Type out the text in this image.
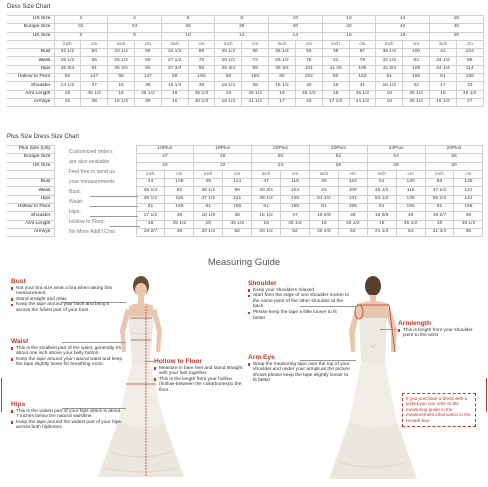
Dess Size Chart
US Size	2		4		6		8		10		12		14		16	
Europe Size	32		34		36		38		40		42		44		46	
UK Size	6		8		10		12		14		16		18		20	
	inch	cm	inch	cm	inch	cm	inch	cm	inch	cm	inch	cm	inch	cm	inch	cm
Bust	32 1/2	83	33 1/2	85	34 1/2	88	35 1/2	90	36 1/2	93	38	97	39 1/2	100	41	104
Waist	25 1/2	65	26 1/2	68	27 1/2	70	28 1/2	72	29 1/2	75	31	79	32 1/2	83	34 1/2	88
Hips	35 3/4	91	35 3/4	92	37 3/4	96	38 3/4	99	39 3/4	101	41 25	105	42 3/4	109	44 1/4	114
Hollow to Floor	58	147	58	147	59	150	59	150	60	152	60	152	61	155	61	155
Shoulder	14 1/2	37	15	38	15 1/4	39	15 1/4	39	15 1/2	40	16	41	16 1/2	42	17	43
Arm Length	18	45 1/2	18	45 1/2	18	45 1/2	18	45 1/2	18	45 1/2	18	45 1/2	18	45 1/2	18	45 1/2
Armsye	15	38	15 1/3	39	16	40 1/2	16 1/3	41 1/2	17	43	17 1/2	44 1/2	18	45 1/2	18 1/2	47
Plus Size Dress Size Chart
Plus Size (US)		16Plus		18Plus		20Plus		22Plus		24Plus		26Plus	
Europe Size		47		48		50		52		54		56	
UK Size		20		22		24		26		28		30	
		inch	cm	inch	cm	inch	cm	inch	cm	inch	cm	inch	cm
Bust		43	109	45	114	47	119	49	124	51	130	53	135
Waist		36 1/4	92	38 1/2	98	40 3/4	104	43	109	45 1/2	115	47 1/2	121
Hips		45 1/2	116	47 1/2	121	49 1/2	126	51 1/2	131	53 1/2	136	55 1/2	141
Hollow to Floor		61	155	61	155	61	155	61	155	61	155	61	155
Shoulder		17 1/2	45	18 1/9	46	18 1/2	47	18 8/9	48	18 8/9	48	19 2/7	49
Arm Length		18	45 1/2	18	45 1/2	18	45 1/2	18	45 1/2	18	45 1/2	18	45 1/2
Armsye		19 2/7	49	20 1/2	52	20 1/2	52	20 4/5	53	21 1/4	54	21 3/4	55
Customized orders
are also available.
Feel free to send us
your measurements
Bust:
Waist:
Hips:
Hollow to Floor:
No More Addt'l Cost
Measuring Guide
Bust
Not your bra size,wear a bra when taking this measurement.
Stand straight and relax
Keep the tape around your back and bring it across the fullest part of your bust
Waist
This is the smallest part of the waist, generally it's about one inch above your belly button.
Keep the tape around your natural waist and keep the tape slightly loose for breathing room.
Hips
This is the widest part of your hips which is about 7 inches below the natural waistline.
Keep the tape around the widest part of your hips-across both hipbones.
Hollow to Floor
Measure in bare feet and stand straight with your feet together.
This is the length from your hollow (hollow-between the collarbones)to the floor.
Shoulder
Keep your shoulders relaxed
Start from the edge of one shoulder socket to the same point of the other shoulder at the back
Please keep the tape a little looser to fit better
Arm Eye
Wrap the measuring tape over the top of your shoulder and under your armpit,as the picture shows please keep the tape slightly looser to fit better
Armlength
This is length from your shoulder point to the wrist
If you purchase a dress with a jacket,you can refer to the measuring guide in the measurement information in the remark box.
